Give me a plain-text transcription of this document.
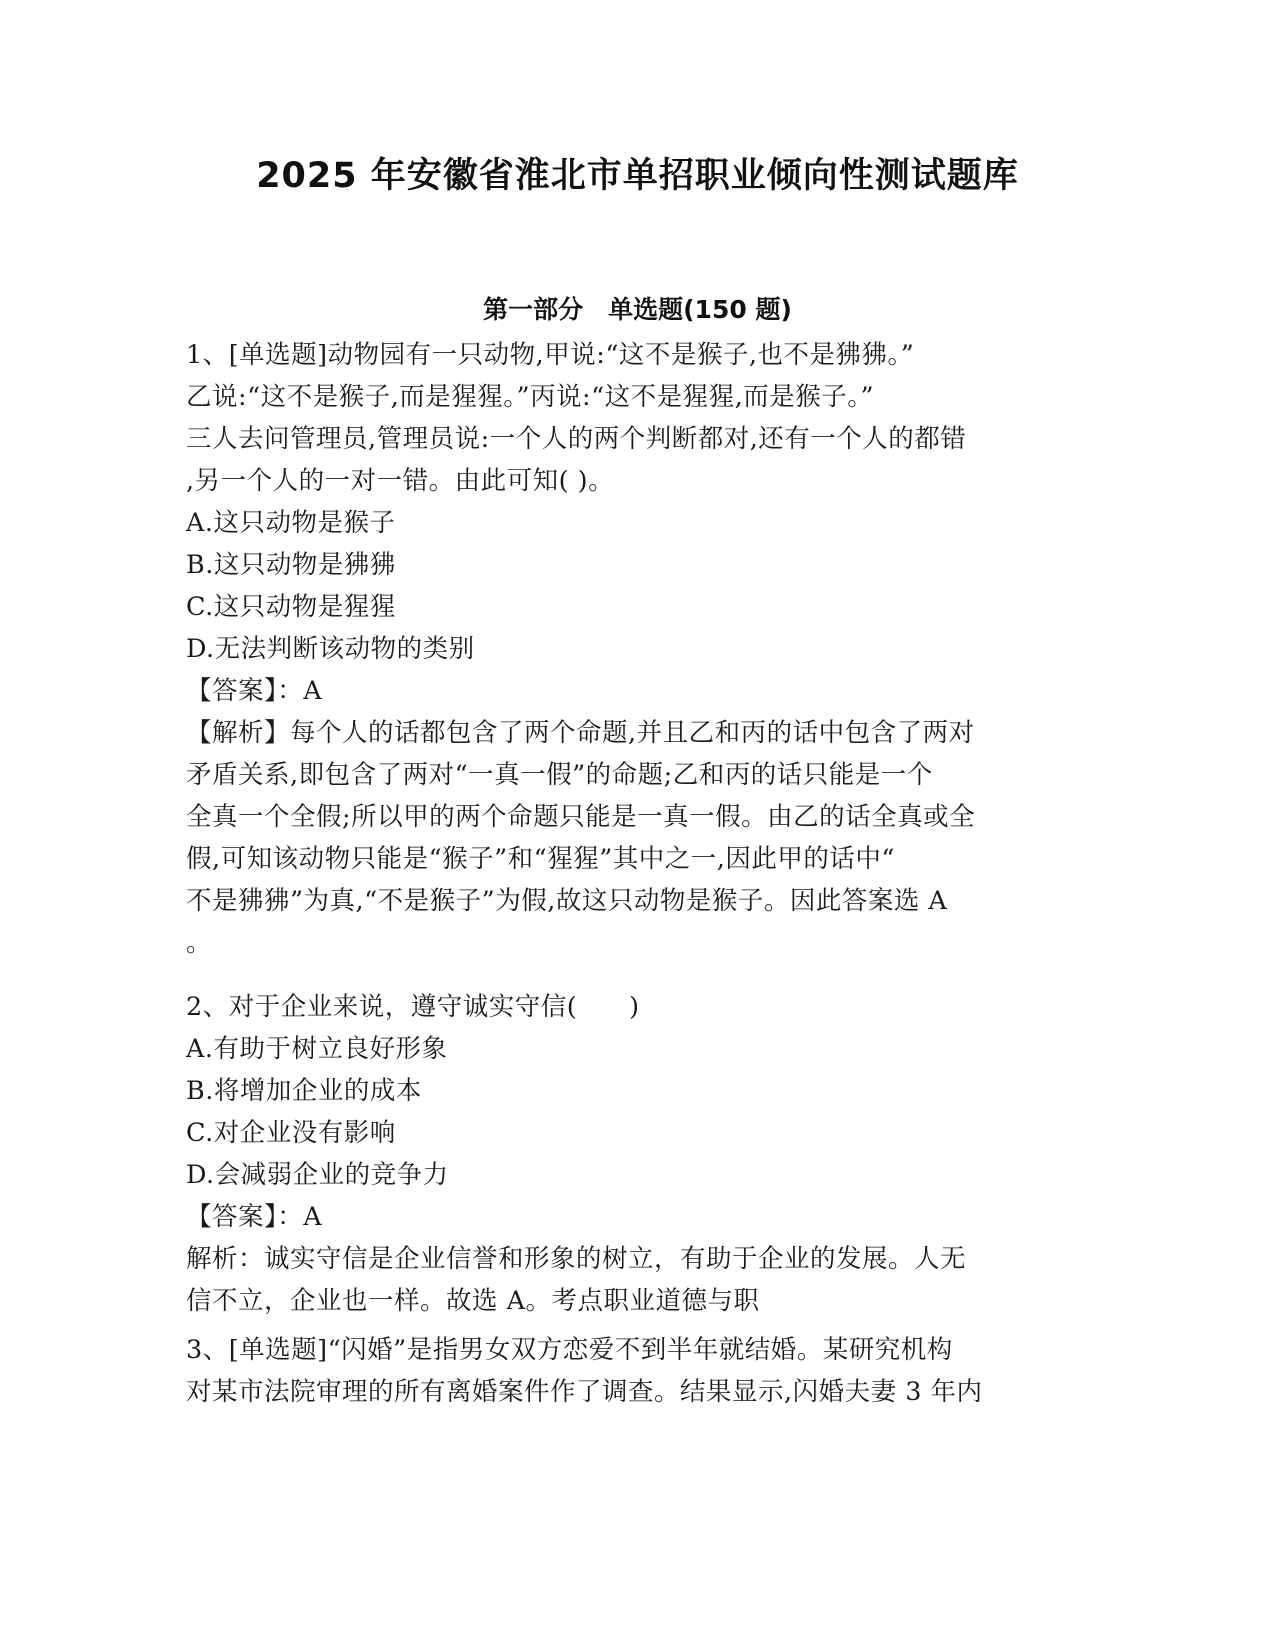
2025 年安徽省淮北市单招职业倾向性测试题库
第一部分　单选题(150 题)
1、[单选题]动物园有一只动物,甲说:“这不是猴子,也不是狒狒。”
乙说:“这不是猴子,而是猩猩。”丙说:“这不是猩猩,而是猴子。”
三人去问管理员,管理员说:一个人的两个判断都对,还有一个人的都错
,另一个人的一对一错。由此可知( )。
A.这只动物是猴子
B.这只动物是狒狒
C.这只动物是猩猩
D.无法判断该动物的类别
【答案】：A
【解析】每个人的话都包含了两个命题,并且乙和丙的话中包含了两对
矛盾关系,即包含了两对“一真一假”的命题;乙和丙的话只能是一个
全真一个全假;所以甲的两个命题只能是一真一假。由乙的话全真或全
假,可知该动物只能是“猴子”和“猩猩”其中之一,因此甲的话中“
不是狒狒”为真,“不是猴子”为假,故这只动物是猴子。因此答案选 A
。
2、对于企业来说，遵守诚实守信(　　)
A.有助于树立良好形象
B.将增加企业的成本
C.对企业没有影响
D.会减弱企业的竞争力
【答案】：A
解析：诚实守信是企业信誉和形象的树立，有助于企业的发展。人无
信不立，企业也一样。故选 A。考点职业道德与职
3、[单选题]“闪婚”是指男女双方恋爱不到半年就结婚。某研究机构
对某市法院审理的所有离婚案件作了调查。结果显示,闪婚夫妻 3 年内
